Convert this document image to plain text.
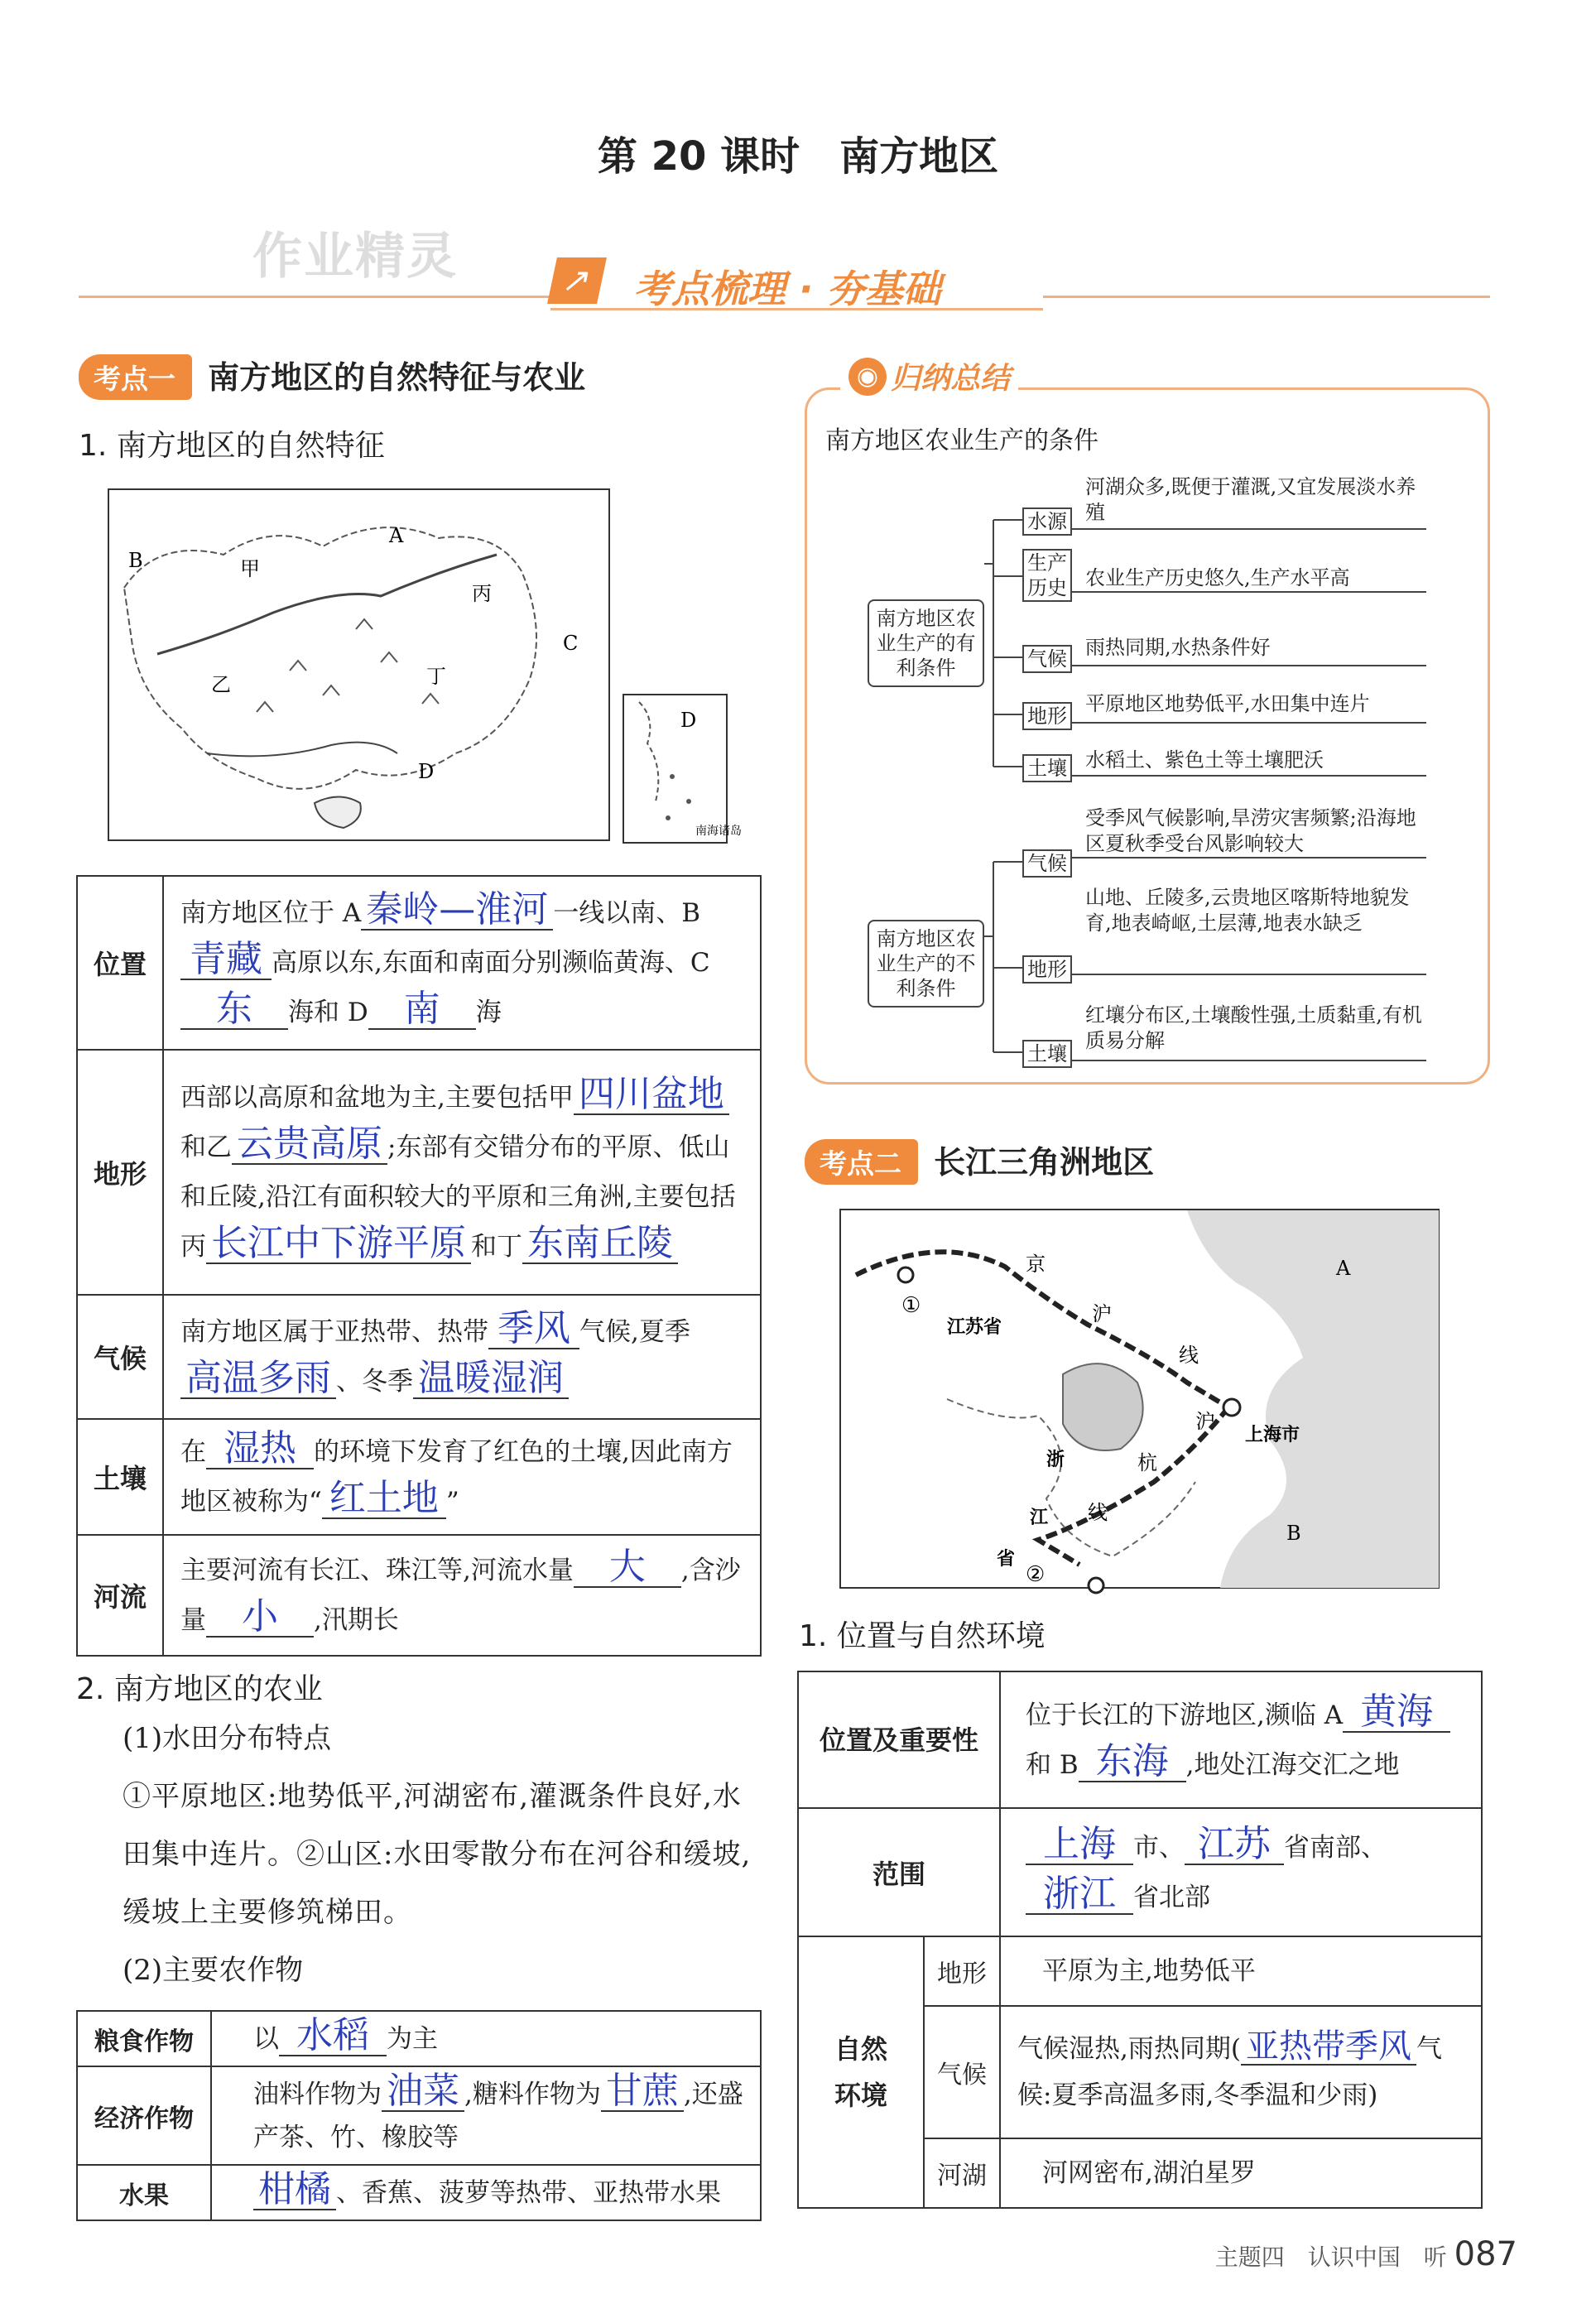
第 20 课时　南方地区
作业精灵	↗	考点梳理 · 夯基础
考点一 南方地区的自然特征与农业
1. 南方地区的自然特征
B
A
C
D
甲
乙
丙
丁
D
南海诸岛
位置	南方地区位于 A 秦岭—淮河 一线以南、B青藏 高原以东,东面和南面分别濒临黄海、C东 海和 D 南 海
地形	西部以高原和盆地为主,主要包括甲 四川盆地和乙 云贵高原 ;东部有交错分布的平原、低山和丘陵,沿江有面积较大的平原和三角洲,主要包括丙 长江中下游平原 和丁 东南丘陵
气候	南方地区属于亚热带、热带 季风 气候,夏季高温多雨 、冬季 温暖湿润
土壤	在 湿热 的环境下发育了红色的土壤,因此南方地区被称为“ 红土地 ”
河流	主要河流有长江、珠江等,河流水量 大 ,含沙量 小 ,汛期长
2. 南方地区的农业
(1)水田分布特点
①平原地区:地势低平,河湖密布,灌溉条件良好,水田集中连片。②山区:水田零散分布在河谷和缓坡,缓坡上主要修筑梯田。
(2)主要农作物
粮食作物	以 水稻 为主
经济作物	油料作物为 油菜 ,糖料作物为 甘蔗 ,还盛产茶、竹、橡胶等
水果	柑橘 、香蕉、菠萝等热带、亚热带水果
◉ 归纳总结
南方地区农业生产的条件
南方地区农业生产的有利条件
水源
河湖众多,既便于灌溉,又宜发展淡水养殖
生产历史 农业生产历史悠久,生产水平高
气候 雨热同期,水热条件好
地形
平原地区地势低平,水田集中连片
土壤 水稻土、紫色土等土壤肥沃
南方地区农业生产的不利条件
气候
受季风气候影响,旱涝灾害频繁;沿海地区夏秋季受台风影响较大
地形
山地、丘陵多,云贵地区喀斯特地貌发育,地表崎岖,土层薄,地表水缺乏
土壤
红壤分布区,土壤酸性强,土质黏重,有机质易分解
考点二 长江三角洲地区
A
B
①
②
江苏省
浙
江
省
京
沪
线
沪
杭
线
上海市
1. 位置与自然环境
位置及重要性		位于长江的下游地区,濒临 A 黄海和 B 东海 ,地处江海交汇之地
范围		上海 市、 江苏 省南部、浙江 省北部
自然环境	地形	平原为主,地势低平
	气候	气候湿热,雨热同期( 亚热带季风 气候:夏季高温多雨,冬季温和少雨)
	河湖	河网密布,湖泊星罗
主题四　认识中国　听 087
